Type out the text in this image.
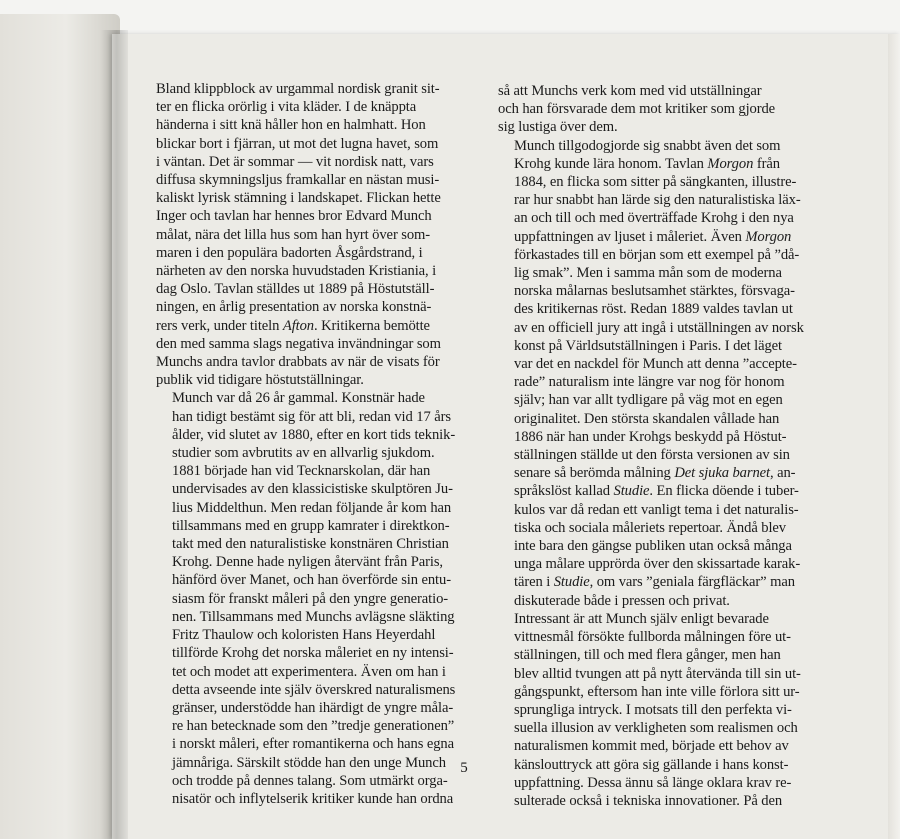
Bland klippblock av urgammal nordisk granit sit-
ter en flicka orörlig i vita kläder. I de knäppta
händerna i sitt knä håller hon en halmhatt. Hon
blickar bort i fjärran, ut mot det lugna havet, som
i väntan. Det är sommar — vit nordisk natt, vars
diffusa skymningsljus framkallar en nästan musi-
kaliskt lyrisk stämning i landskapet. Flickan hette
Inger och tavlan har hennes bror Edvard Munch
målat, nära det lilla hus som han hyrt över som-
maren i den populära badorten Åsgårdstrand, i
närheten av den norska huvudstaden Kristiania, i
dag Oslo. Tavlan ställdes ut 1889 på Höstutställ-
ningen, en årlig presentation av norska konstnä-
rers verk, under titeln Afton. Kritikerna bemötte
den med samma slags negativa invändningar som
Munchs andra tavlor drabbats av när de visats för
publik vid tidigare höstutställningar.

Munch var då 26 år gammal. Konstnär hade
han tidigt bestämt sig för att bli, redan vid 17 års
ålder, vid slutet av 1880, efter en kort tids teknik-
studier som avbrutits av en allvarlig sjukdom.
1881 började han vid Tecknarskolan, där han
undervisades av den klassicistiske skulptören Ju-
lius Middelthun. Men redan följande år kom han
tillsammans med en grupp kamrater i direktkon-
takt med den naturalistiske konstnären Christian
Krohg. Denne hade nyligen återvänt från Paris,
hänförd över Manet, och han överförde sin entu-
siasm för franskt måleri på den yngre generatio-
nen. Tillsammans med Munchs avlägsne släkting
Fritz Thaulow och koloristen Hans Heyerdahl
tillförde Krohg det norska måleriet en ny intensi-
tet och modet att experimentera. Även om han i
detta avseende inte själv överskred naturalismens
gränser, understödde han ihärdigt de yngre måla-
re han betecknade som den ”tredje generationen”
i norskt måleri, efter romantikerna och hans egna
jämnåriga. Särskilt stödde han den unge Munch
och trodde på dennes talang. Som utmärkt orga-
nisatör och inflytelserik kritiker kunde han ordna

så att Munchs verk kom med vid utställningar
och han försvarade dem mot kritiker som gjorde
sig lustiga över dem.

Munch tillgodogjorde sig snabbt även det som
Krohg kunde lära honom. Tavlan Morgon från
1884, en flicka som sitter på sängkanten, illustre-
rar hur snabbt han lärde sig den naturalistiska läx-
an och till och med överträffade Krohg i den nya
uppfattningen av ljuset i måleriet. Även Morgon
förkastades till en början som ett exempel på ”då-
lig smak”. Men i samma mån som de moderna
norska målarnas beslutsamhet stärktes, försvaga-
des kritikernas röst. Redan 1889 valdes tavlan ut
av en officiell jury att ingå i utställningen av norsk
konst på Världsutställningen i Paris. I det läget
var det en nackdel för Munch att denna ”accepte-
rade” naturalism inte längre var nog för honom
själv; han var allt tydligare på väg mot en egen
originalitet. Den största skandalen vållade han
1886 när han under Krohgs beskydd på Höstut-
ställningen ställde ut den första versionen av sin
senare så berömda målning Det sjuka barnet, an-
språkslöst kallad Studie. En flicka döende i tuber-
kulos var då redan ett vanligt tema i det naturalis-
tiska och sociala måleriets repertoar. Ändå blev
inte bara den gängse publiken utan också många
unga målare upprörda över den skissartade karak-
tären i Studie, om vars ”geniala färgfläckar” man
diskuterade både i pressen och privat.

Intressant är att Munch själv enligt bevarade
vittnesmål försökte fullborda målningen före ut-
ställningen, till och med flera gånger, men han
blev alltid tvungen att på nytt återvända till sin ut-
gångspunkt, eftersom han inte ville förlora sitt ur-
sprungliga intryck. I motsats till den perfekta vi-
suella illusion av verkligheten som realismen och
naturalismen kommit med, började ett behov av
känslouttryck att göra sig gällande i hans konst-
uppfattning. Dessa ännu så länge oklara krav re-
sulterade också i tekniska innovationer. På den

5
